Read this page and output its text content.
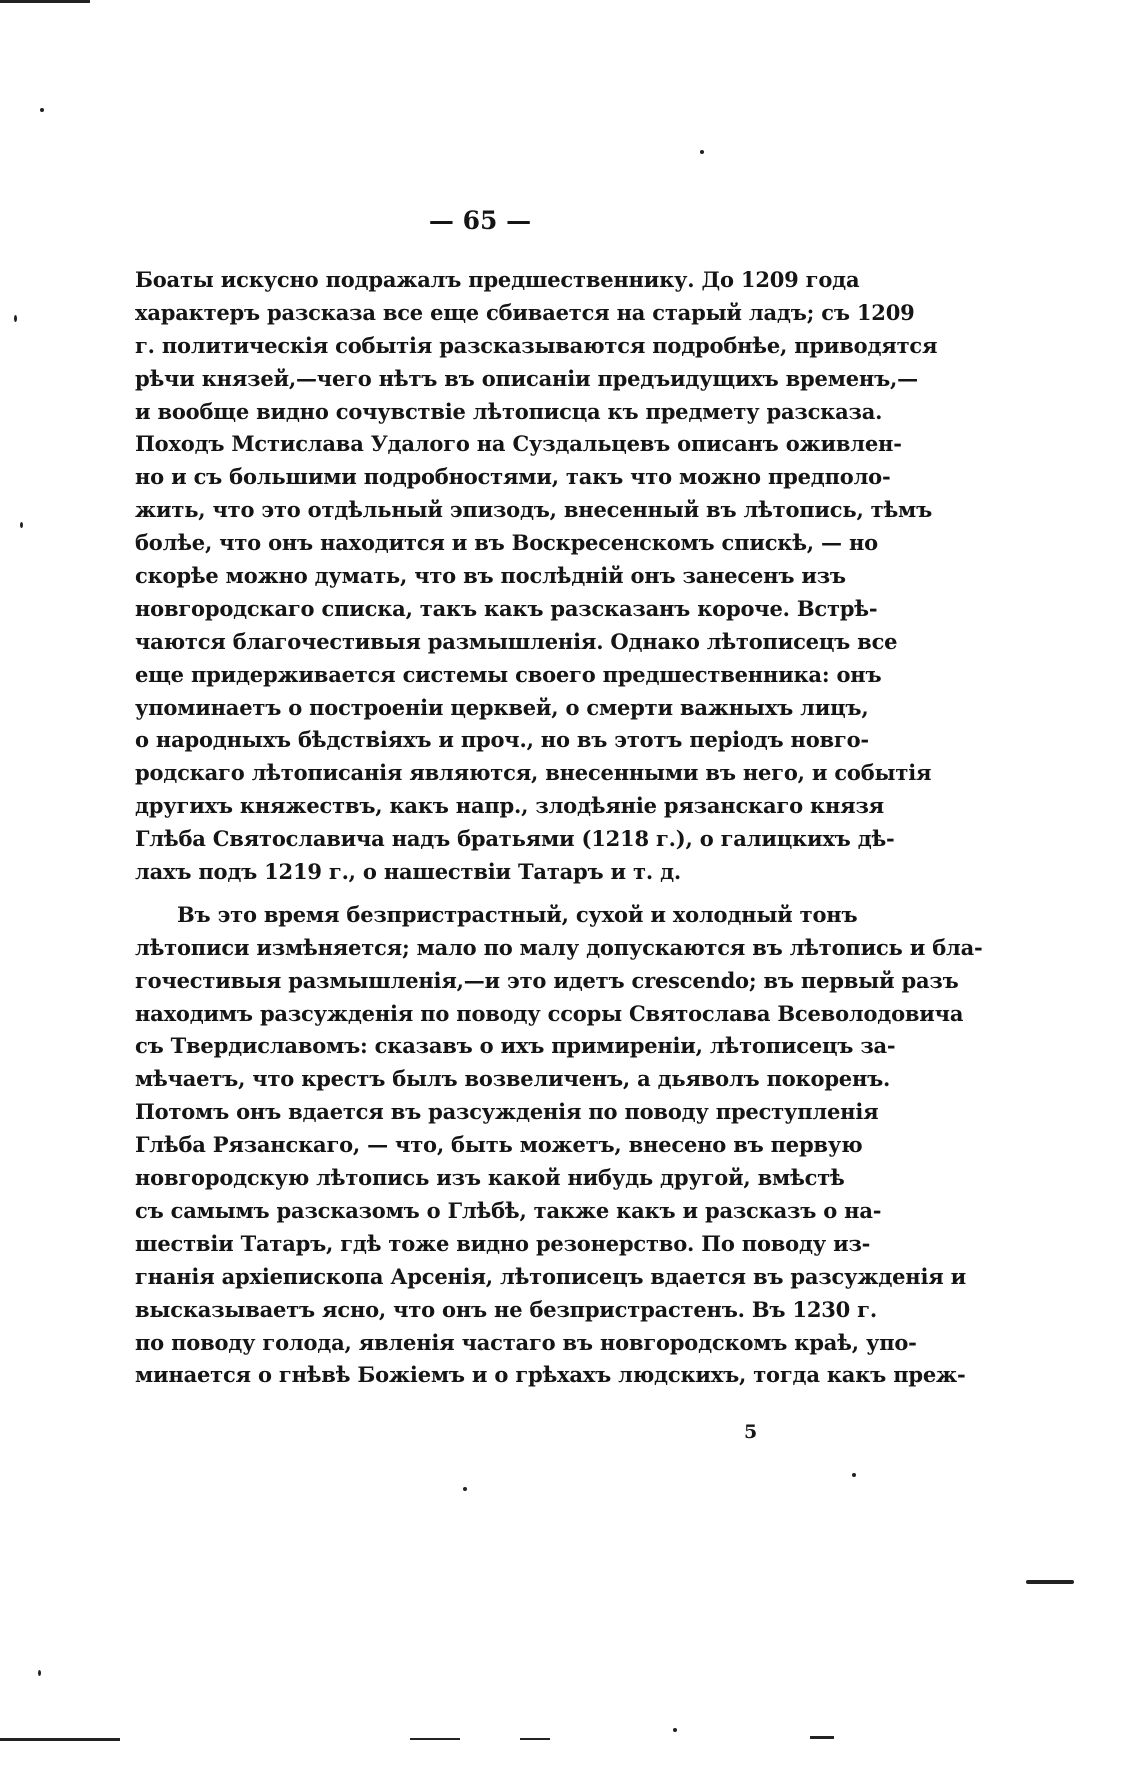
— 65 —
Боаты искусно подражалъ предшественнику. До 1209 года
характеръ разсказа все еще сбивается на старый ладъ; съ 1209
г. политическія событія разсказываются подробнѣе, приводятся
рѣчи князей,—чего нѣтъ въ описаніи предъидущихъ временъ,—
и вообще видно сочувствіе лѣтописца къ предмету разсказа.
Походъ Мстислава Удалого на Суздальцевъ описанъ оживлен-
но и съ большими подробностями, такъ что можно предполо-
жить, что это отдѣльный эпизодъ, внесенный въ лѣтопись, тѣмъ
болѣе, что онъ находится и въ Воскресенскомъ спискѣ, — но
скорѣе можно думать, что въ послѣдній онъ занесенъ изъ
новгородскаго списка, такъ какъ разсказанъ короче. Встрѣ-
чаются благочестивыя размышленія. Однако лѣтописецъ все
еще придерживается системы своего предшественника: онъ
упоминаетъ о построеніи церквей, о смерти важныхъ лицъ,
о народныхъ бѣдствіяхъ и проч., но въ этотъ періодъ новго-
родскаго лѣтописанія являются, внесенными въ него, и событія
другихъ княжествъ, какъ напр., злодѣяніе рязанскаго князя
Глѣба Святославича надъ братьями (1218 г.), о галицкихъ дѣ-
лахъ подъ 1219 г., о нашествіи Татаръ и т. д.
Въ это время безпристрастный, сухой и холодный тонъ
лѣтописи измѣняется; мало по малу допускаются въ лѣтопись и бла-
гочестивыя размышленія,—и это идетъ crescendo; въ первый разъ
находимъ разсужденія по поводу ссоры Святослава Всеволодовича
съ Твердиславомъ: сказавъ о ихъ примиреніи, лѣтописецъ за-
мѣчаетъ, что крестъ былъ возвеличенъ, а дьяволъ покоренъ.
Потомъ онъ вдается въ разсужденія по поводу преступленія
Глѣба Рязанскаго, — что, быть можетъ, внесено въ первую
новгородскую лѣтопись изъ какой нибудь другой, вмѣстѣ
съ самымъ разсказомъ о Глѣбѣ, также какъ и разсказъ о на-
шествіи Татаръ, гдѣ тоже видно резонерство. По поводу из-
гнанія архіепископа Арсенія, лѣтописецъ вдается въ разсужденія и
высказываетъ ясно, что онъ не безпристрастенъ. Въ 1230 г.
по поводу голода, явленія частаго въ новгородскомъ краѣ, упо-
минается о гнѣвѣ Божіемъ и о грѣхахъ людскихъ, тогда какъ преж-
5
